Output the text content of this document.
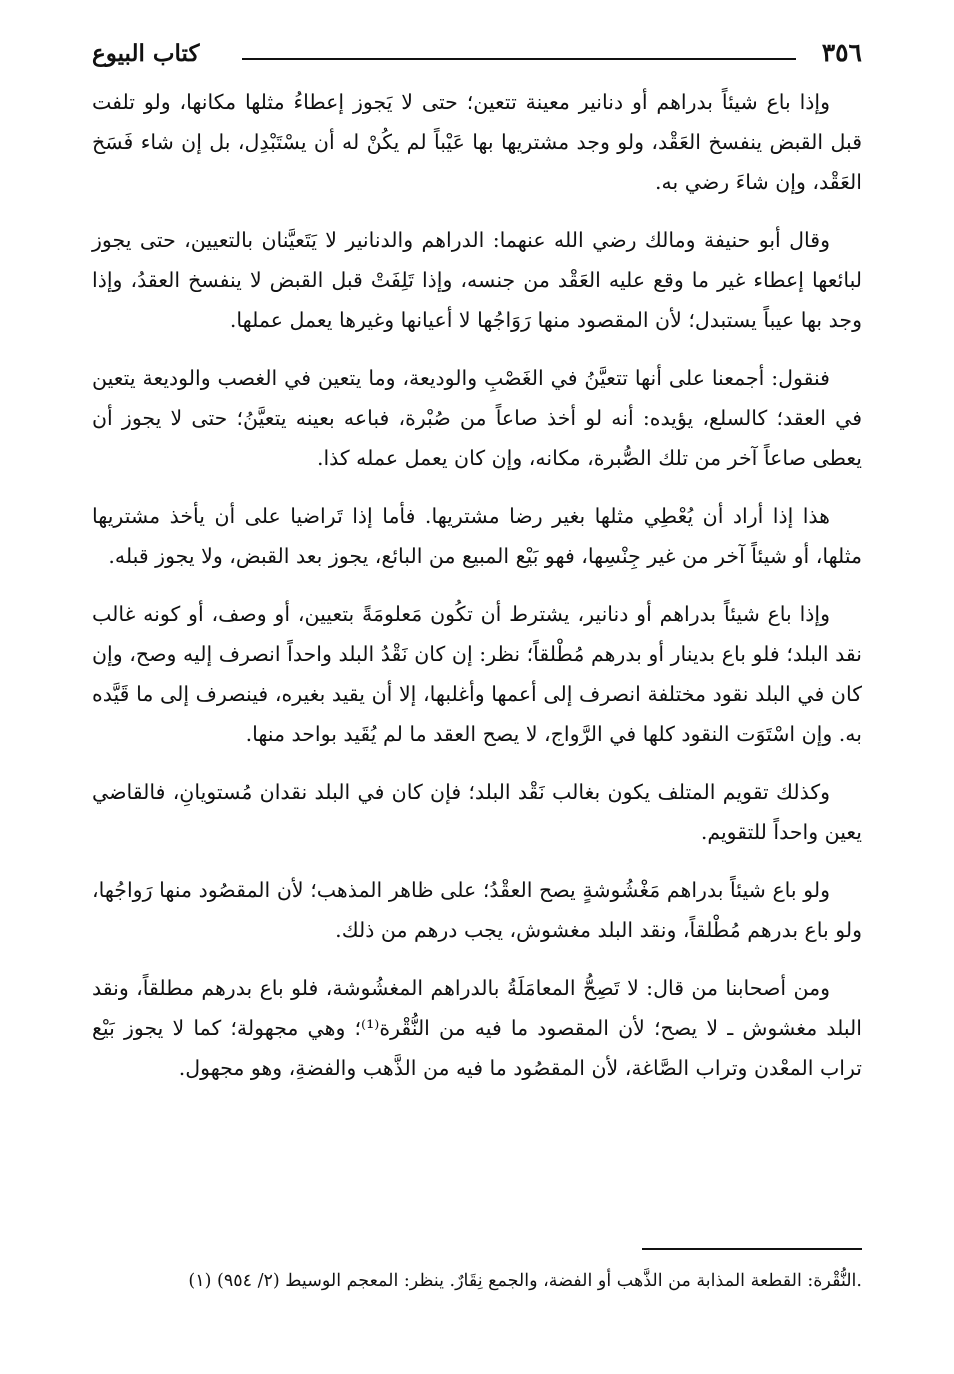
٣٥٦
كتاب البيوع

وإذا باع شيئاً بدراهم أو دنانير معينة تتعين؛ حتى لا يَجوز إعطاءُ مثلها مكانها، ولو تلفت قبل القبض ينفسخ العَقْد، ولو وجد مشتريها بها عَيْباً لم يكُنْ له أن يسْتَبْدِل، بل إن شاء فَسَخ العَقْد، وإن شاءَ رضي به.

وقال أبو حنيفة ومالك رضي الله عنهما: الدراهم والدنانير لا يَتَعيَّنان بالتعيين، حتى يجوز لبائعها إعطاء غير ما وقع عليه العَقْد من جنسه، وإذا تَلِفَتْ قبل القبض لا ينفسخ العقدُ، وإذا وجد بها عيباً يستبدل؛ لأن المقصود منها رَوَاجُها لا أعيانها وغيرها يعمل عملها.

فنقول: أجمعنا على أنها تتعيَّنُ في الغَصْبِ والوديعة، وما يتعين في الغصب والوديعة يتعين في العقد؛ كالسلع، يؤيده: أنه لو أخذ صاعاً من صُبْرة، فباعه بعينه يتعيَّنُ؛ حتى لا يجوز أن يعطى صاعاً آخر من تلك الصُّبرة، مكانه، وإن كان يعمل عمله كذا.

هذا إذا أراد أن يُعْطِي مثلها بغير رضا مشتريها. فأما إذا تَراضيا على أن يأخذ مشتريها مثلها، أو شيئاً آخر من غير جِنْسِها، فهو بَيْع المبيع من البائع، يجوز بعد القبض، ولا يجوز قبله.

وإذا باع شيئاً بدراهم أو دنانير، يشترط أن تكُون مَعلومَةً بتعيين، أو وصف، أو كونه غالب نقد البلد؛ فلو باع بدينار أو بدرهم مُطْلقاً؛ نظر: إن كان نَقْدُ البلد واحداً انصرف إليه وصح، وإن كان في البلد نقود مختلفة انصرف إلى أعمها وأغلبها، إلا أن يقيد بغيره، فينصرف إلى ما قَيَّده به. وإن اسْتَوَت النقود كلها في الرَّواج، لا يصح العقد ما لم يُقَيد بواحد منها.

وكذلك تقويم المتلف يكون بغالب نَقْد البلد؛ فإن كان في البلد نقدان مُستويانِ، فالقاضي يعين واحداً للتقويم.

ولو باع شيئاً بدراهم مَغْشُوشةٍ يصح العقْدُ؛ على ظاهر المذهب؛ لأن المقصُود منها رَواجُها، ولو باع بدرهم مُطْلقاً، ونقد البلد مغشوش، يجب درهم من ذلك.

ومن أصحابنا من قال: لا تَصِحُّ المعامَلَةُ بالدراهم المغشُوشة، فلو باع بدرهم مطلقاً، ونقد البلد مغشوش ـ لا يصح؛ لأن المقصود ما فيه من النُّقْرة⁽¹⁾؛ وهي مجهولة؛ كما لا يجوز بَيْع تراب المعْدن وتراب الصَّاغة، لأن المقصُود ما فيه من الذَّهب والفضةِ، وهو مجهول.

(١) النُّقْرة: القطعة المذابة من الذَّهب أو الفضة، والجمع نِقَارٌ. ينظر: المعجم الوسيط (٢/ ٩٥٤).
